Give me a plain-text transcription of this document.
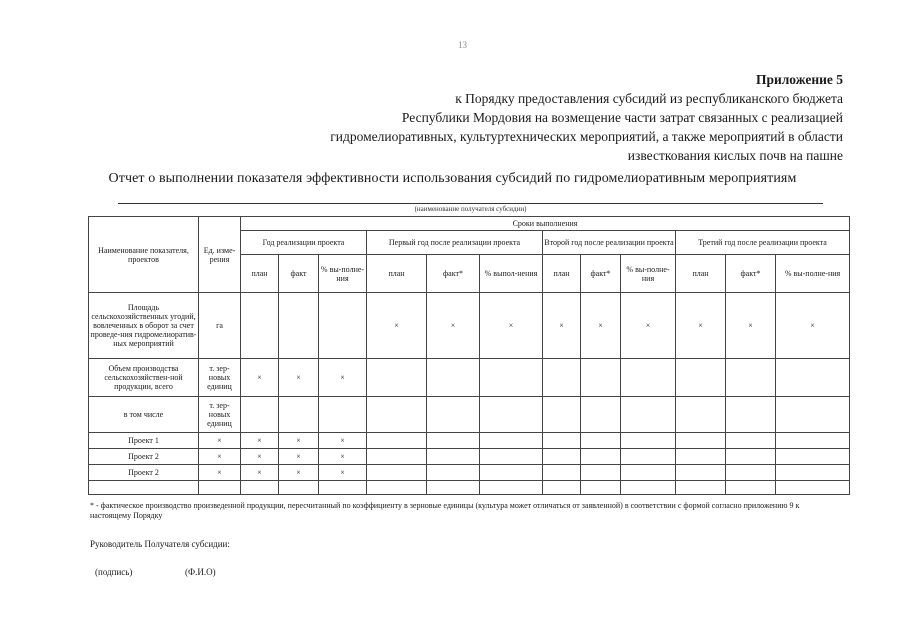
13
Приложение 5
к Порядку предоставления субсидий из республиканского бюджета
Республики Мордовия на возмещение части затрат связанных с реализацией
гидромелиоративных, культуртехнических мероприятий, а также мероприятий в области
известкования кислых почв на пашне
Отчет о выполнении показателя эффективности использования субсидий по гидромелиоративным мероприятиям
(наименование получателя субсидии)
Наименование показателя, проектов	Ед. изме-рения	Сроки выполнения											
		Год реализации проекта			Первый год после реализации проекта			Второй год после реализации проекта			Третий год после реализации проекта		
		план	факт	% вы-полне-ния	план	факт*	% выпол-нения	план	факт*	% вы-полне-ния	план	факт*	% вы-полне-ния
Площадь сельскохозяйственных угодий, вовлеченных в оборот за счет проведе-ния гидромелиоратив-ных мероприятий	га				×	×	×	×	×	×	×	×	×
Объем производства сельскохозяйствен-ной продукции, всего	т. зер-новых единиц	×	×	×									
в том числе	т. зер-новых единиц												
Проект 1	×	×	×	×									
Проект 2	×	×	×	×									
Проект 2	×	×	×	×									

* - фактическое производство произведенной продукции, пересчитанный по коэффициенту в зерновые единицы (культура может отличаться от заявленной) в соответствии с формой согласно приложению 9 к настоящему Порядку
Руководитель Получателя субсидии:
(подпись)	(Ф.И.О)
